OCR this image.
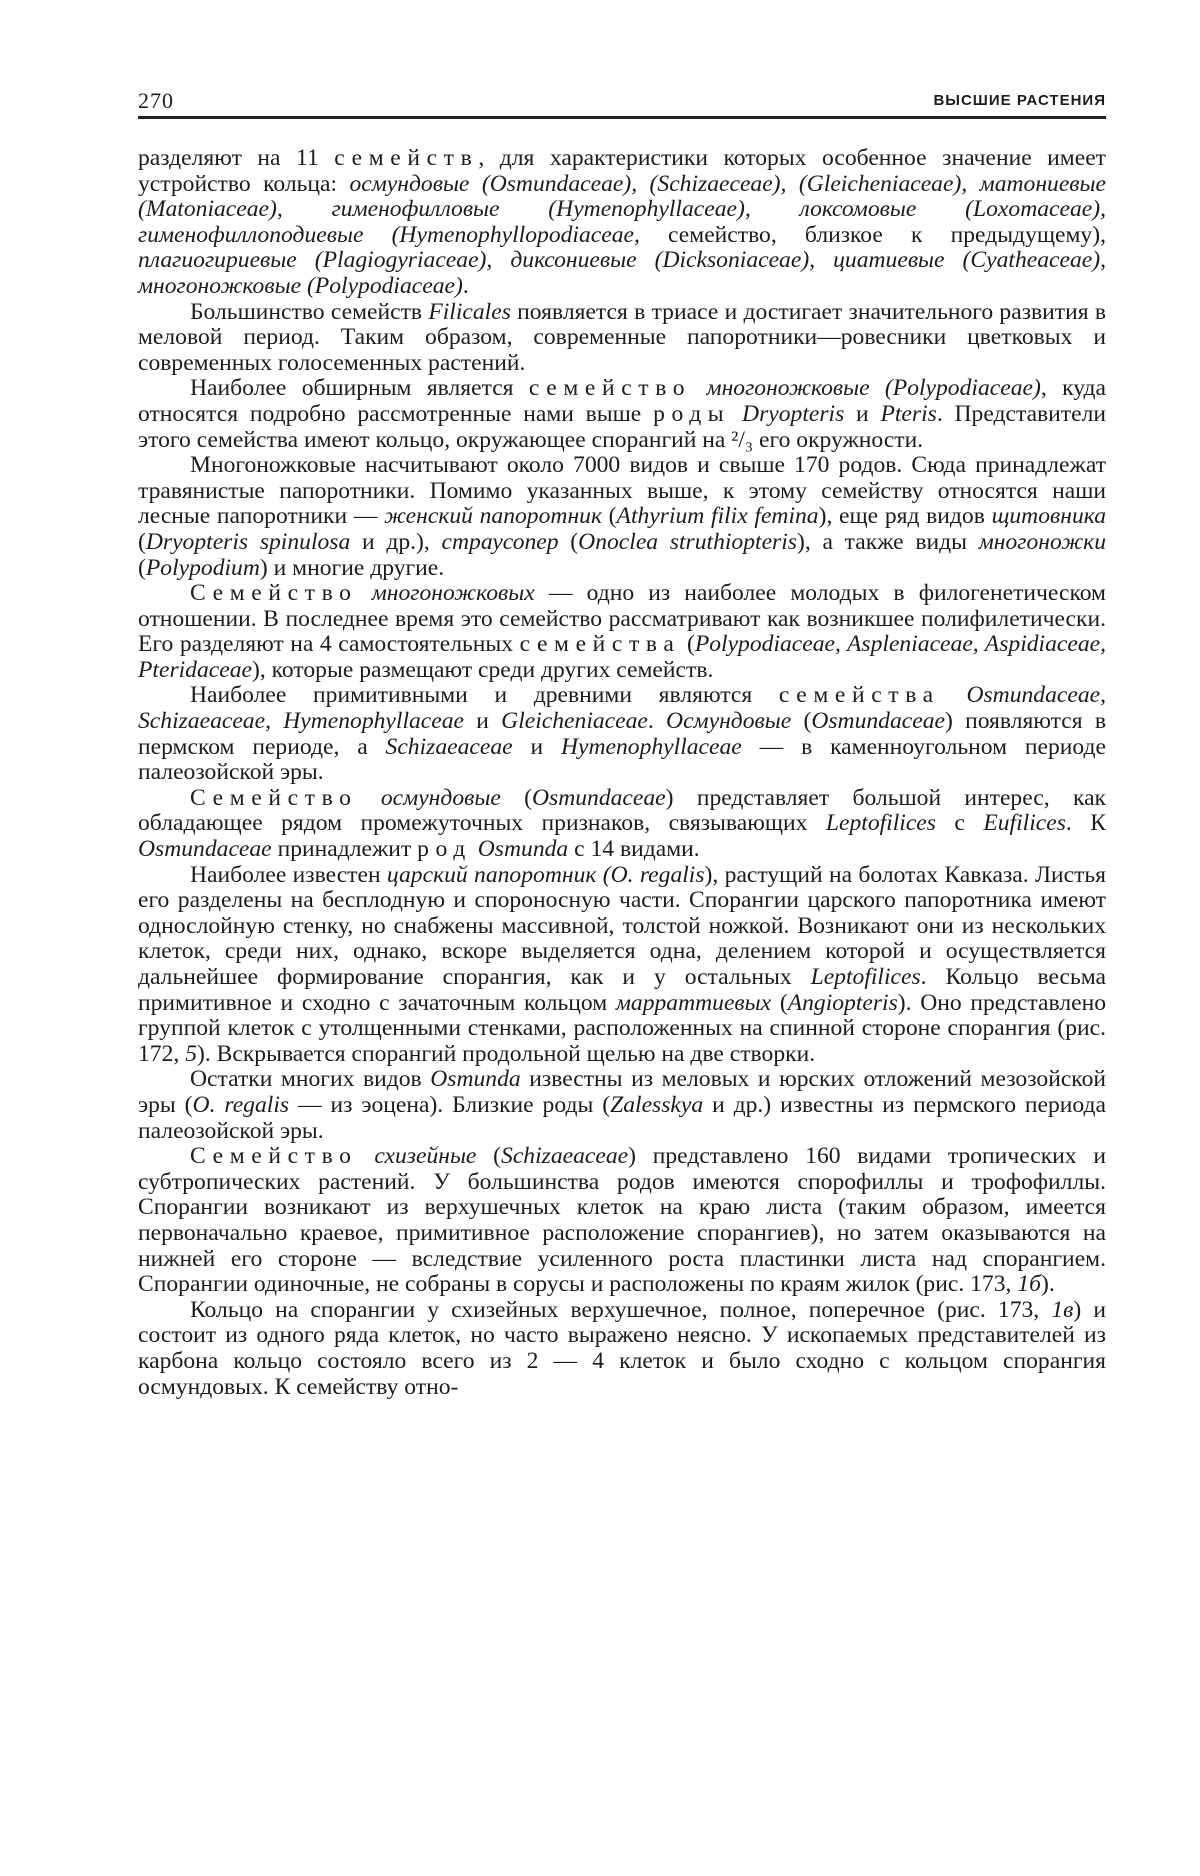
270	ВЫСШИЕ РАСТЕНИЯ

разделяют на 11 семейств, для характеристики которых особенное значение имеет устройство кольца: осмундовые (Osmundaceae), (Schizaeceae), (Gleicheniaceae), матониевые (Matoniaceae), гименофилловые (Hymenophyllaceae), локсомовые (Loxomaceae), гименофиллоподиевые (Hymenophyllopodiaceae, семейство, близкое к предыдущему), плагиогириевые (Plagiogyriaceae), диксониевые (Dicksoniaceae), циатиевые (Cyatheaceae), многоножковые (Polypodiaceae).

Большинство семейств Filicales появляется в триасе и достигает значительного развития в меловой период. Таким образом, современные папоротники—ровесники цветковых и современных голосеменных растений.

Наиболее обширным является семейство многоножковые (Polypodiaceae), куда относятся подробно рассмотренные нами выше роды Dryopteris и Pteris. Представители этого семейства имеют кольцо, окружающее спорангий на ²/₃ его окружности.

Многоножковые насчитывают около 7000 видов и свыше 170 родов. Сюда принадлежат травянистые папоротники. Помимо указанных выше, к этому семейству относятся наши лесные папоротники — женский папоротник (Athyrium filix femina), еще ряд видов щитовника (Dryopteris spinulosa и др.), страусопер (Onoclea struthiopteris), а также виды многоножки (Polypodium) и многие другие.

Семейство многоножковых — одно из наиболее молодых в филогенетическом отношении. В последнее время это семейство рассматривают как возникшее полифилетически. Его разделяют на 4 самостоятельных семейства (Polypodiaceae, Aspleniaceae, Aspidiaceae, Pteridaceae), которые размещают среди других семейств.

Наиболее примитивными и древними являются семейства Osmundaceae, Schizaeaceae, Hymenophyllaceae и Gleicheniaceae. Осмундовые (Osmundaceae) появляются в пермском периоде, а Schizaeaceae и Hymenophyllaceae — в каменноугольном периоде палеозойской эры.

Семейство осмундовые (Osmundaceae) представляет большой интерес, как обладающее рядом промежуточных признаков, связывающих Leptofilices с Eufilices. К Osmundaceae принадлежит род Osmunda с 14 видами.

Наиболее известен царский папоротник (O. regalis), растущий на болотах Кавказа. Листья его разделены на бесплодную и спороносную части. Спорангии царского папоротника имеют однослойную стенку, но снабжены массивной, толстой ножкой. Возникают они из нескольких клеток, среди них, однако, вскоре выделяется одна, делением которой и осуществляется дальнейшее формирование спорангия, как и у остальных Leptofilices. Кольцо весьма примитивное и сходно с зачаточным кольцом марраттиевых (Angiopteris). Оно представлено группой клеток с утолщенными стенками, расположенных на спинной стороне спорангия (рис. 172, 5). Вскрывается спорангий продольной щелью на две створки.

Остатки многих видов Osmunda известны из меловых и юрских отложений мезозойской эры (O. regalis — из эоцена). Близкие роды (Zalesskya и др.) известны из пермского периода палеозойской эры.

Семейство схизейные (Schizaeaceae) представлено 160 видами тропических и субтропических растений. У большинства родов имеются спорофиллы и трофофиллы. Спорангии возникают из верхушечных клеток на краю листа (таким образом, имеется первоначально краевое, примитивное расположение спорангиев), но затем оказываются на нижней его стороне — вследствие усиленного роста пластинки листа над спорангием. Спорангии одиночные, не собраны в сорусы и расположены по краям жилок (рис. 173, 1б).

Кольцо на спорангии у схизейных верхушечное, полное, поперечное (рис. 173, 1в) и состоит из одного ряда клеток, но часто выражено неясно. У ископаемых представителей из карбона кольцо состояло всего из 2 — 4 клеток и было сходно с кольцом спорангия осмундовых. К семейству отно-
